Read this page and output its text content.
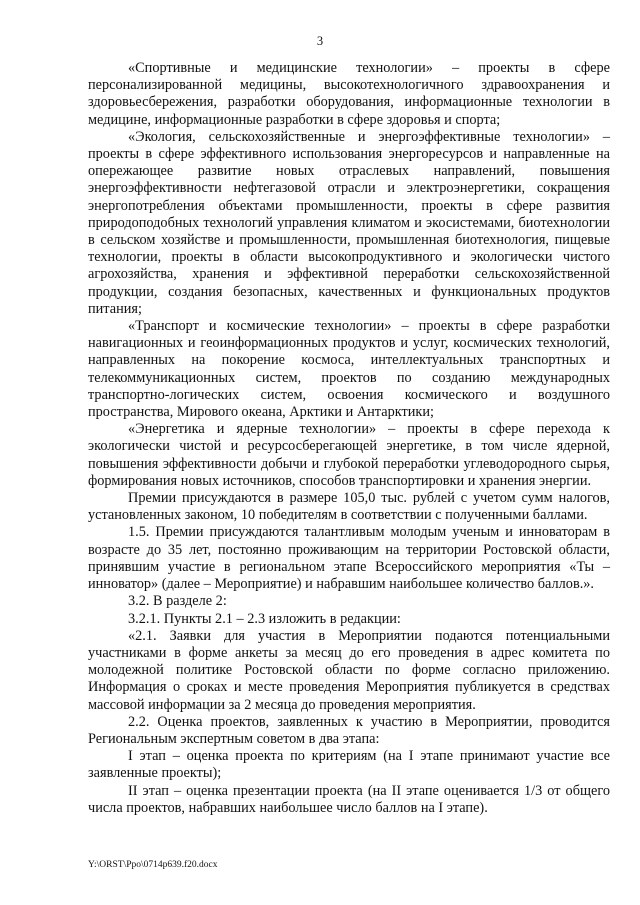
3

«Спортивные и медицинские технологии» – проекты в сфере персонализированной медицины, высокотехнологичного здравоохранения и здоровьесбережения, разработки оборудования, информационные технологии в медицине, информационные разработки в сфере здоровья и спорта;

«Экология, сельскохозяйственные и энергоэффективные технологии» – проекты в сфере эффективного использования энергоресурсов и направленные на опережающее развитие новых отраслевых направлений, повышения энергоэффективности нефтегазовой отрасли и электроэнергетики, сокращения энергопотребления объектами промышленности, проекты в сфере развития природоподобных технологий управления климатом и экосистемами, биотехнологии в сельском хозяйстве и промышленности, промышленная биотехнология, пищевые технологии, проекты в области высокопродуктивного и экологически чистого агрохозяйства, хранения и эффективной переработки сельскохозяйственной продукции, создания безопасных, качественных и функциональных продуктов питания;

«Транспорт и космические технологии» – проекты в сфере разработки навигационных и геоинформационных продуктов и услуг, космических технологий, направленных на покорение космоса, интеллектуальных транспортных и телекоммуникационных систем, проектов по созданию международных транспортно-логических систем, освоения космического и воздушного пространства, Мирового океана, Арктики и Антарктики;

«Энергетика и ядерные технологии» – проекты в сфере перехода к экологически чистой и ресурсосберегающей энергетике, в том числе ядерной, повышения эффективности добычи и глубокой переработки углеводородного сырья, формирования новых источников, способов транспортировки и хранения энергии.

Премии присуждаются в размере 105,0 тыс. рублей с учетом сумм налогов, установленных законом, 10 победителям в соответствии с полученными баллами.

1.5. Премии присуждаются талантливым молодым ученым и инноваторам в возрасте до 35 лет, постоянно проживающим на территории Ростовской области, принявшим участие в региональном этапе Всероссийского мероприятия «Ты – инноватор» (далее – Мероприятие) и набравшим наибольшее количество баллов.».

3.2. В разделе 2:

3.2.1. Пункты 2.1 – 2.3 изложить в редакции:

«2.1. Заявки для участия в Мероприятии подаются потенциальными участниками в форме анкеты за месяц до его проведения в адрес комитета по молодежной политике Ростовской области по форме согласно приложению. Информация о сроках и месте проведения Мероприятия публикуется в средствах массовой информации за 2 месяца до проведения мероприятия.

2.2. Оценка проектов, заявленных к участию в Мероприятии, проводится Региональным экспертным советом в два этапа:

I этап – оценка проекта по критериям (на I этапе принимают участие все заявленные проекты);

II этап – оценка презентации проекта (на II этапе оценивается 1/3 от общего числа проектов, набравших наибольшее число баллов на I этапе).

Y:\ORST\Ppo\0714p639.f20.docx
